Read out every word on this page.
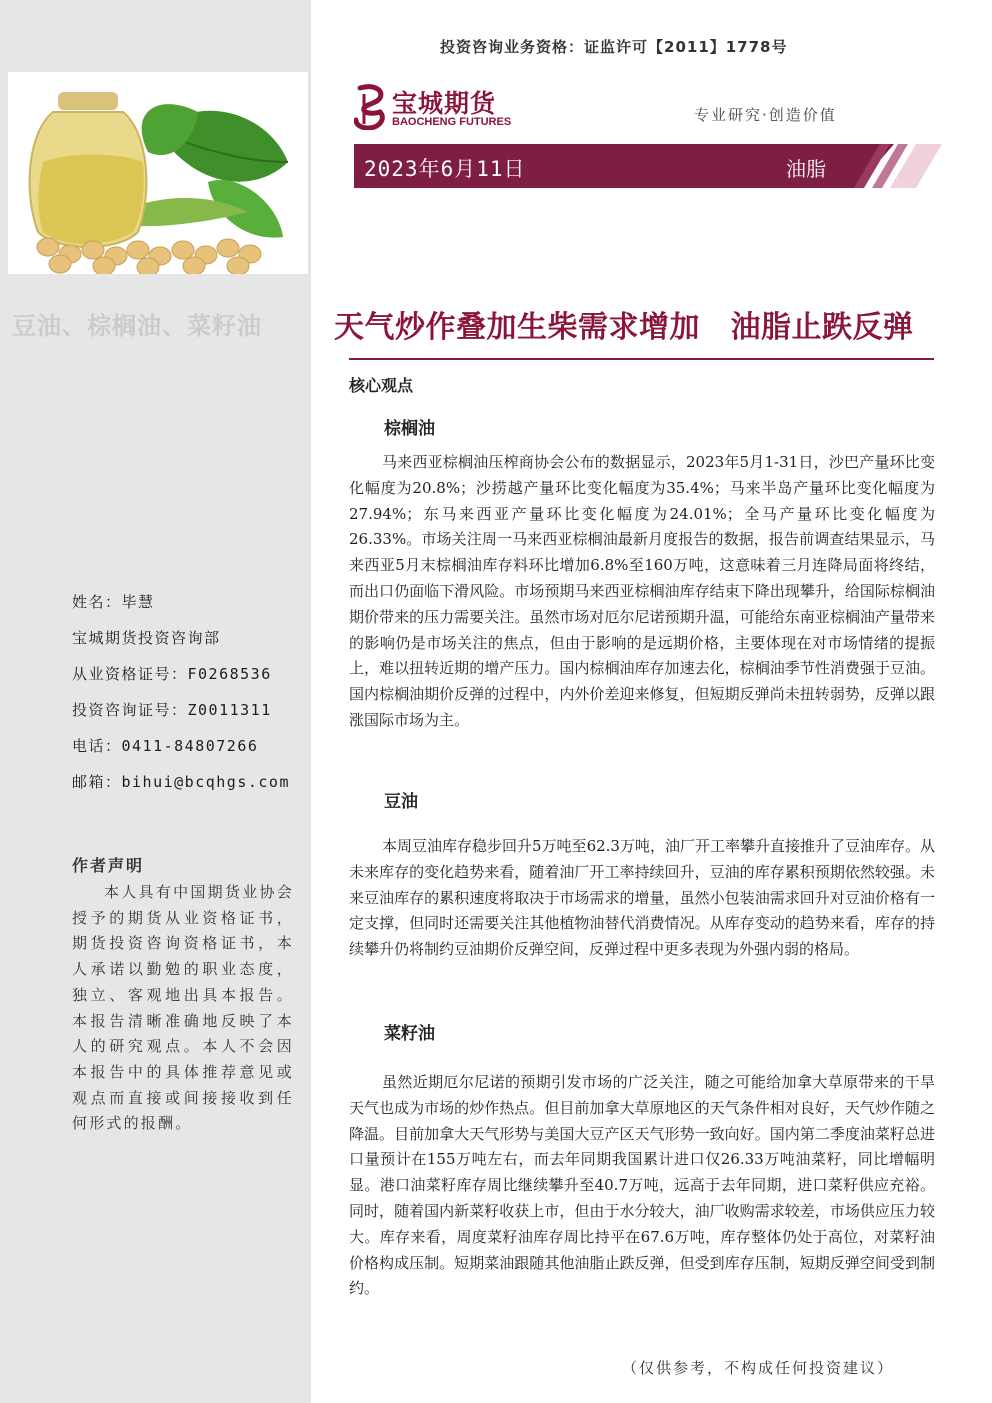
豆油、棕榈油、菜籽油
姓名：毕慧
宝城期货投资咨询部
从业资格证号：F0268536
投资咨询证号：Z0011311
电话：0411-84807266
邮箱：bihui@bcqhgs.com
作者声明
本人具有中国期货业协会授予的期货从业资格证书，期货投资咨询资格证书，本人承诺以勤勉的职业态度，独立、客观地出具本报告。本报告清晰准确地反映了本人的研究观点。本人不会因本报告中的具体推荐意见或观点而直接或间接接收到任何形式的报酬。
投资咨询业务资格：证监许可【2011】1778号
宝城期货
BAOCHENG FUTURES	专业研究·创造价值
2023年6月11日	油脂
天气炒作叠加生柴需求增加　油脂止跌反弹
核心观点
棕榈油
马来西亚棕榈油压榨商协会公布的数据显示，2023年5月1-31日，沙巴产量环比变化幅度为20.8%；沙捞越产量环比变化幅度为35.4%；马来半岛产量环比变化幅度为27.94%；东马来西亚产量环比变化幅度为24.01%；全马产量环比变化幅度为26.33%。市场关注周一马来西亚棕榈油最新月度报告的数据，报告前调查结果显示，马来西亚5月末棕榈油库存料环比增加6.8%至160万吨，这意味着三月连降局面将终结，而出口仍面临下滑风险。市场预期马来西亚棕榈油库存结束下降出现攀升，给国际棕榈油期价带来的压力需要关注。虽然市场对厄尔尼诺预期升温，可能给东南亚棕榈油产量带来的影响仍是市场关注的焦点，但由于影响的是远期价格，主要体现在对市场情绪的提振上，难以扭转近期的增产压力。国内棕榈油库存加速去化，棕榈油季节性消费强于豆油。国内棕榈油期价反弹的过程中，内外价差迎来修复，但短期反弹尚未扭转弱势，反弹以跟涨国际市场为主。
豆油
本周豆油库存稳步回升5万吨至62.3万吨，油厂开工率攀升直接推升了豆油库存。从未来库存的变化趋势来看，随着油厂开工率持续回升，豆油的库存累积预期依然较强。未来豆油库存的累积速度将取决于市场需求的增量，虽然小包装油需求回升对豆油价格有一定支撑，但同时还需要关注其他植物油替代消费情况。从库存变动的趋势来看，库存的持续攀升仍将制约豆油期价反弹空间，反弹过程中更多表现为外强内弱的格局。
菜籽油
虽然近期厄尔尼诺的预期引发市场的广泛关注，随之可能给加拿大草原带来的干旱天气也成为市场的炒作热点。但目前加拿大草原地区的天气条件相对良好，天气炒作随之降温。目前加拿大天气形势与美国大豆产区天气形势一致向好。国内第二季度油菜籽总进口量预计在155万吨左右，而去年同期我国累计进口仅26.33万吨油菜籽，同比增幅明显。港口油菜籽库存周比继续攀升至40.7万吨，远高于去年同期，进口菜籽供应充裕。同时，随着国内新菜籽收获上市，但由于水分较大，油厂收购需求较差，市场供应压力较大。库存来看，周度菜籽油库存周比持平在67.6万吨，库存整体仍处于高位，对菜籽油价格构成压制。短期菜油跟随其他油脂止跌反弹，但受到库存压制，短期反弹空间受到制约。
（仅供参考，不构成任何投资建议）
